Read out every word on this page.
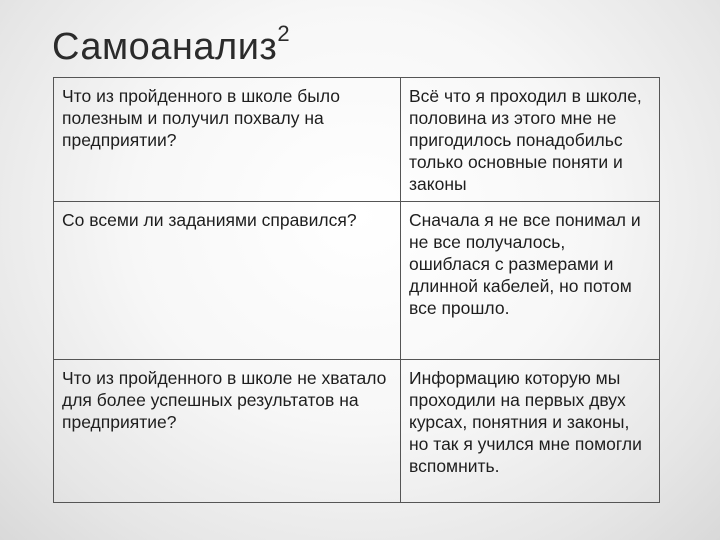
Самоанализ$^2$
Что из пройденного в школе было полезным и получил похвалу на предприятии?	Всё что я проходил в школе, половина из этого мне не пригодилось понадобильс только основные поняти и законы
Со всеми ли заданиями справился?	Сначала я не все понимал и не все получалось, ошиблася с размерами и длинной кабелей, но потом все прошло.
Что из пройденного в школе не хватало для более успешных результатов на предприятие?	Информацию которую мы проходили на первых двух курсах, понятния и законы, но так я учился мне помогли вспомнить.
